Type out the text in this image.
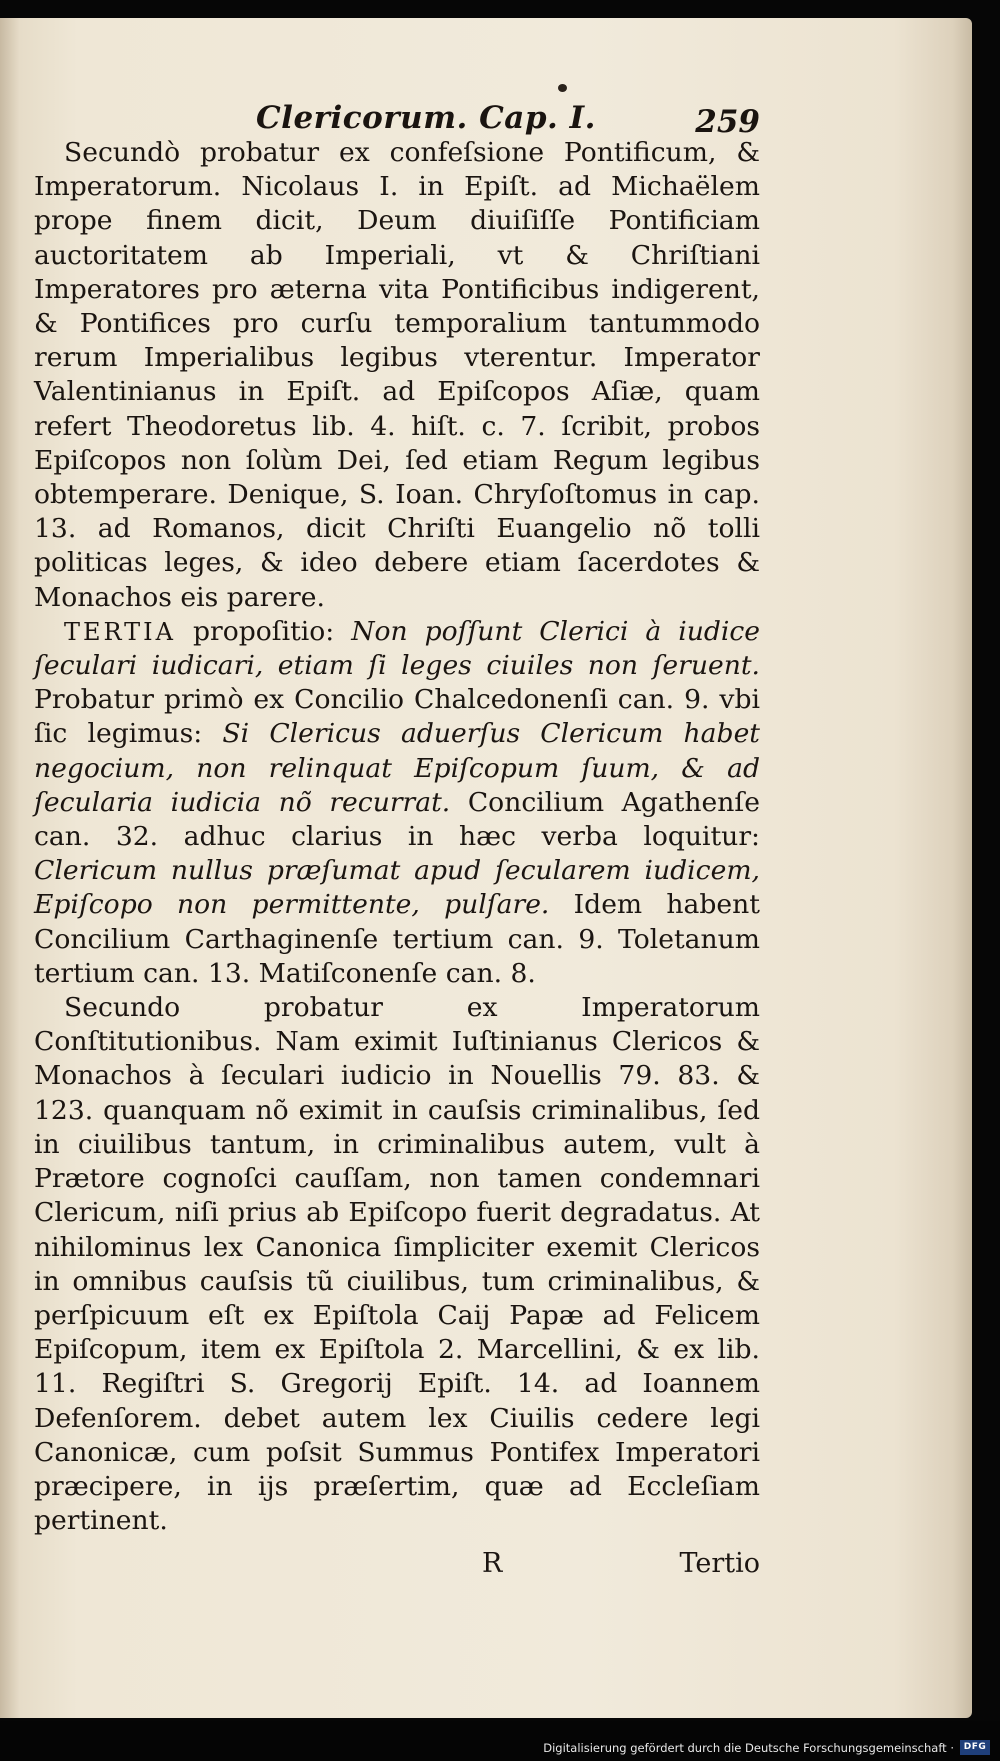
Clericorum. Cap. I.	259

Secundò probatur ex confeſsione Pontificum, & Imperatorum. Nicolaus I. in Epiſt. ad Michaëlem prope finem dicit, Deum diuiſiſſe Pontificiam auctoritatem ab Imperiali, vt & Chriſtiani Imperatores pro æterna vita Pontificibus indigerent, & Pontifices pro curſu temporalium tantummodo rerum Imperialibus legibus vterentur. Imperator Valentinianus in Epiſt. ad Epiſcopos Aſiæ, quam refert Theodoretus lib. 4. hiſt. c. 7. ſcribit, probos Epiſcopos non ſolùm Dei, ſed etiam Regum legibus obtemperare. Denique, S. Ioan. Chryſoſtomus in cap. 13. ad Romanos, dicit Chriſti Euangelio nõ tolli politicas leges, & ideo debere etiam ſacerdotes & Monachos eis parere.

TERTIA propoſitio: Non poſſunt Clerici à iudice ſeculari iudicari, etiam ſi leges ciuiles non ſeruent. Probatur primò ex Concilio Chalcedonenſi can. 9. vbi ſic legimus: Si Clericus aduerſus Clericum habet negocium, non relinquat Epiſcopum ſuum, & ad ſecularia iudicia nõ recurrat. Concilium Agathenſe can. 32. adhuc clarius in hæc verba loquitur: Clericum nullus præſumat apud ſecularem iudicem, Epiſcopo non permittente, pulſare. Idem habent Concilium Carthaginenſe tertium can. 9. Toletanum tertium can. 13. Matiſconenſe can. 8.

Secundo probatur ex Imperatorum Conſtitutionibus. Nam eximit Iuſtinianus Clericos & Monachos à ſeculari iudicio in Nouellis 79. 83. & 123. quanquam nõ eximit in cauſsis criminalibus, ſed in ciuilibus tantum, in criminalibus autem, vult à Prætore cognoſci cauſſam, non tamen condemnari Clericum, niſi prius ab Epiſcopo fuerit degradatus. At nihilominus lex Canonica ſimpliciter exemit Clericos in omnibus cauſsis tũ ciuilibus, tum criminalibus, & perſpicuum eſt ex Epiſtola Caij Papæ ad Felicem Epiſcopum, item ex Epiſtola 2. Marcellini, & ex lib. 11. Regiſtri S. Gregorij Epiſt. 14. ad Ioannem Defenſorem. debet autem lex Ciuilis cedere legi Canonicæ, cum poſsit Summus Pontifex Imperatori præcipere, in ijs præſertim, quæ ad Eccleſiam pertinent.

R	Tertio
Digitalisierung gefördert durch die Deutsche Forschungsgemeinschaft ·	DFG
